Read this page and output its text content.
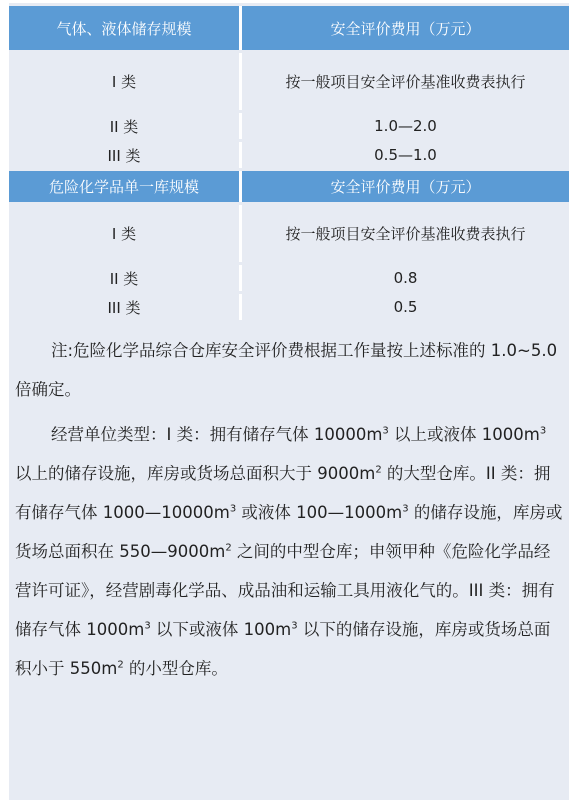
气体、液体储存规模	安全评价费用（万元）
I 类	按一般项目安全评价基准收费表执行
II 类	1.0—2.0
III 类	0.5—1.0
危险化学品单一库规模	安全评价费用（万元）
I 类	按一般项目安全评价基准收费表执行
II 类	0.8
III 类	0.5

注:危险化学品综合仓库安全评价费根据工作量按上述标准的 1.0~5.0 倍确定。

经营单位类型：I 类：拥有储存气体 $10000m^3$ 以上或液体 $1000m^3$ 以上的储存设施，库房或货场总面积大于 $9000m^2$ 的大型仓库。II 类：拥有储存气体 $1000—10000m^3$ 或液体 $100—1000m^3$ 的储存设施，库房或货场总面积在 $550—9000m^2$ 之间的中型仓库；申领甲种《危险化学品经营许可证》，经营剧毒化学品、成品油和运输工具用液化气的。III 类：拥有储存气体 $1000m^3$ 以下或液体 $100m^3$ 以下的储存设施，库房或货场总面积小于 $550m^2$ 的小型仓库。
